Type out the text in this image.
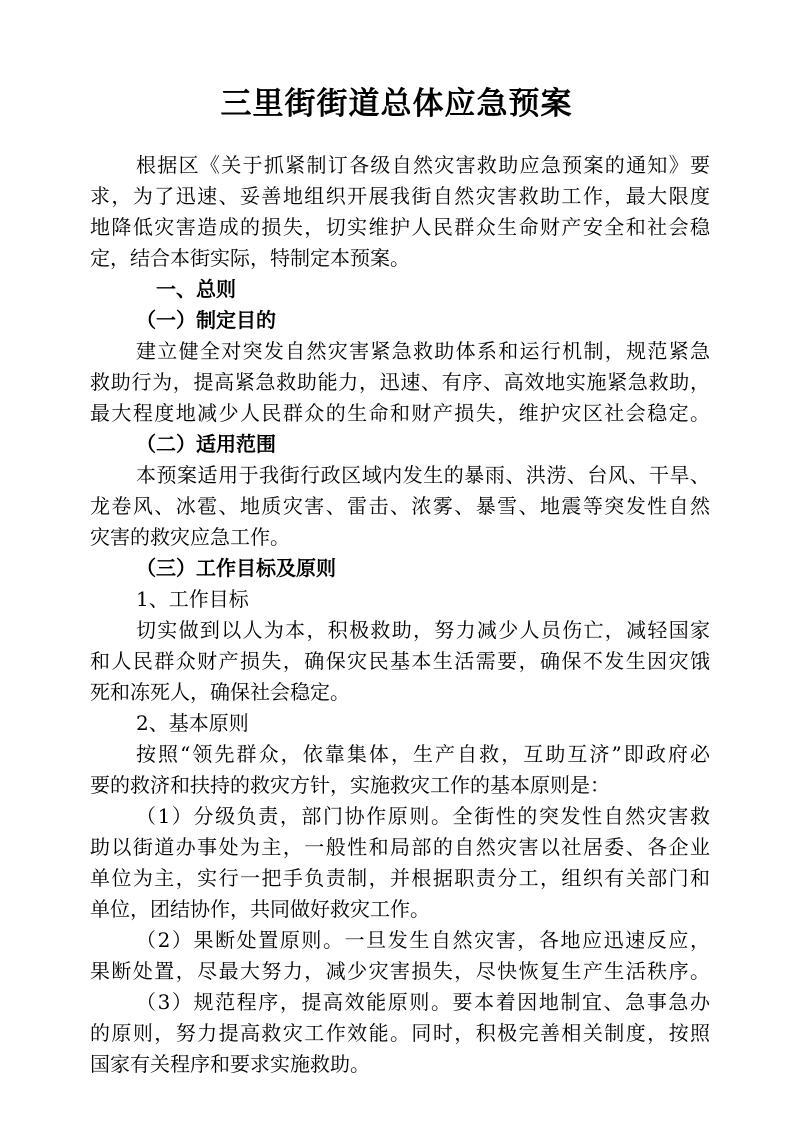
三里街街道总体应急预案
根据区《关于抓紧制订各级自然灾害救助应急预案的通知》要
求，为了迅速、妥善地组织开展我街自然灾害救助工作，最大限度
地降低灾害造成的损失，切实维护人民群众生命财产安全和社会稳
定，结合本街实际，特制定本预案。
一、总则
（一）制定目的
建立健全对突发自然灾害紧急救助体系和运行机制，规范紧急
救助行为，提高紧急救助能力，迅速、有序、高效地实施紧急救助，
最大程度地减少人民群众的生命和财产损失，维护灾区社会稳定。
（二）适用范围
本预案适用于我街行政区域内发生的暴雨、洪涝、台风、干旱、
龙卷风、冰雹、地质灾害、雷击、浓雾、暴雪、地震等突发性自然
灾害的救灾应急工作。
（三）工作目标及原则
1、工作目标
切实做到以人为本，积极救助，努力减少人员伤亡，减轻国家
和人民群众财产损失，确保灾民基本生活需要，确保不发生因灾饿
死和冻死人，确保社会稳定。
2、基本原则
按照“领先群众，依靠集体，生产自救，互助互济”即政府必
要的救济和扶持的救灾方针，实施救灾工作的基本原则是：
（1）分级负责，部门协作原则。全街性的突发性自然灾害救
助以街道办事处为主，一般性和局部的自然灾害以社居委、各企业
单位为主，实行一把手负责制，并根据职责分工，组织有关部门和
单位，团结协作，共同做好救灾工作。
（2）果断处置原则。一旦发生自然灾害，各地应迅速反应，
果断处置，尽最大努力，减少灾害损失，尽快恢复生产生活秩序。
（3）规范程序，提高效能原则。要本着因地制宜、急事急办
的原则，努力提高救灾工作效能。同时，积极完善相关制度，按照
国家有关程序和要求实施救助。
